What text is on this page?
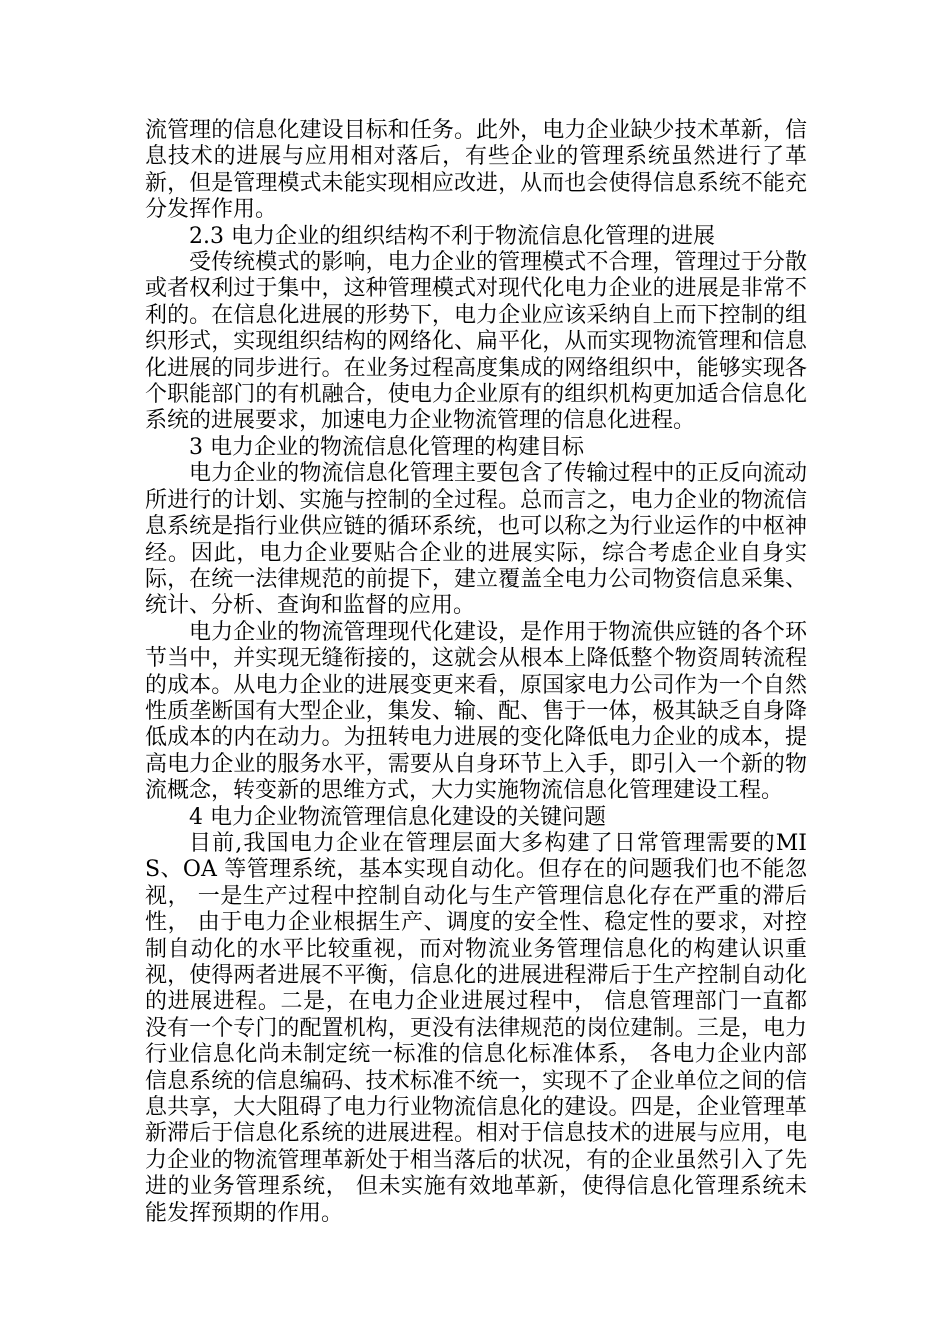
流管理的信息化建设目标和任务。此外，电力企业缺少技术革新，信息技术的进展与应用相对落后，有些企业的管理系统虽然进行了革新，但是管理模式未能实现相应改进，从而也会使得信息系统不能充分发挥作用。

2.3 电力企业的组织结构不利于物流信息化管理的进展

受传统模式的影响，电力企业的管理模式不合理，管理过于分散或者权利过于集中，这种管理模式对现代化电力企业的进展是非常不利的。在信息化进展的形势下，电力企业应该采纳自上而下控制的组织形式，实现组织结构的网络化、扁平化，从而实现物流管理和信息化进展的同步进行。在业务过程高度集成的网络组织中，能够实现各个职能部门的有机融合，使电力企业原有的组织机构更加适合信息化系统的进展要求，加速电力企业物流管理的信息化进程。

3 电力企业的物流信息化管理的构建目标

电力企业的物流信息化管理主要包含了传输过程中的正反向流动所进行的计划、实施与控制的全过程。总而言之，电力企业的物流信息系统是指行业供应链的循环系统，也可以称之为行业运作的中枢神经。因此，电力企业要贴合企业的进展实际，综合考虑企业自身实际，在统一法律规范的前提下，建立覆盖全电力公司物资信息采集、统计、分析、查询和监督的应用。

电力企业的物流管理现代化建设，是作用于物流供应链的各个环节当中，并实现无缝衔接的，这就会从根本上降低整个物资周转流程的成本。从电力企业的进展变更来看，原国家电力公司作为一个自然性质垄断国有大型企业，集发、输、配、售于一体，极其缺乏自身降低成本的内在动力。为扭转电力进展的变化降低电力企业的成本，提高电力企业的服务水平，需要从自身环节上入手，即引入一个新的物流概念，转变新的思维方式，大力实施物流信息化管理建设工程。

4 电力企业物流管理信息化建设的关键问题

目前,我国电力企业在管理层面大多构建了日常管理需要的MIS、OA 等管理系统，基本实现自动化。但存在的问题我们也不能忽视， 一是生产过程中控制自动化与生产管理信息化存在严重的滞后性， 由于电力企业根据生产、调度的安全性、稳定性的要求，对控制自动化的水平比较重视，而对物流业务管理信息化的构建认识重视，使得两者进展不平衡，信息化的进展进程滞后于生产控制自动化的进展进程。二是，在电力企业进展过程中， 信息管理部门一直都没有一个专门的配置机构，更没有法律规范的岗位建制。三是，电力行业信息化尚未制定统一标准的信息化标准体系， 各电力企业内部信息系统的信息编码、技术标准不统一，实现不了企业单位之间的信息共享，大大阻碍了电力行业物流信息化的建设。四是，企业管理革新滞后于信息化系统的进展进程。相对于信息技术的进展与应用，电力企业的物流管理革新处于相当落后的状况，有的企业虽然引入了先进的业务管理系统， 但未实施有效地革新，使得信息化管理系统未能发挥预期的作用。
